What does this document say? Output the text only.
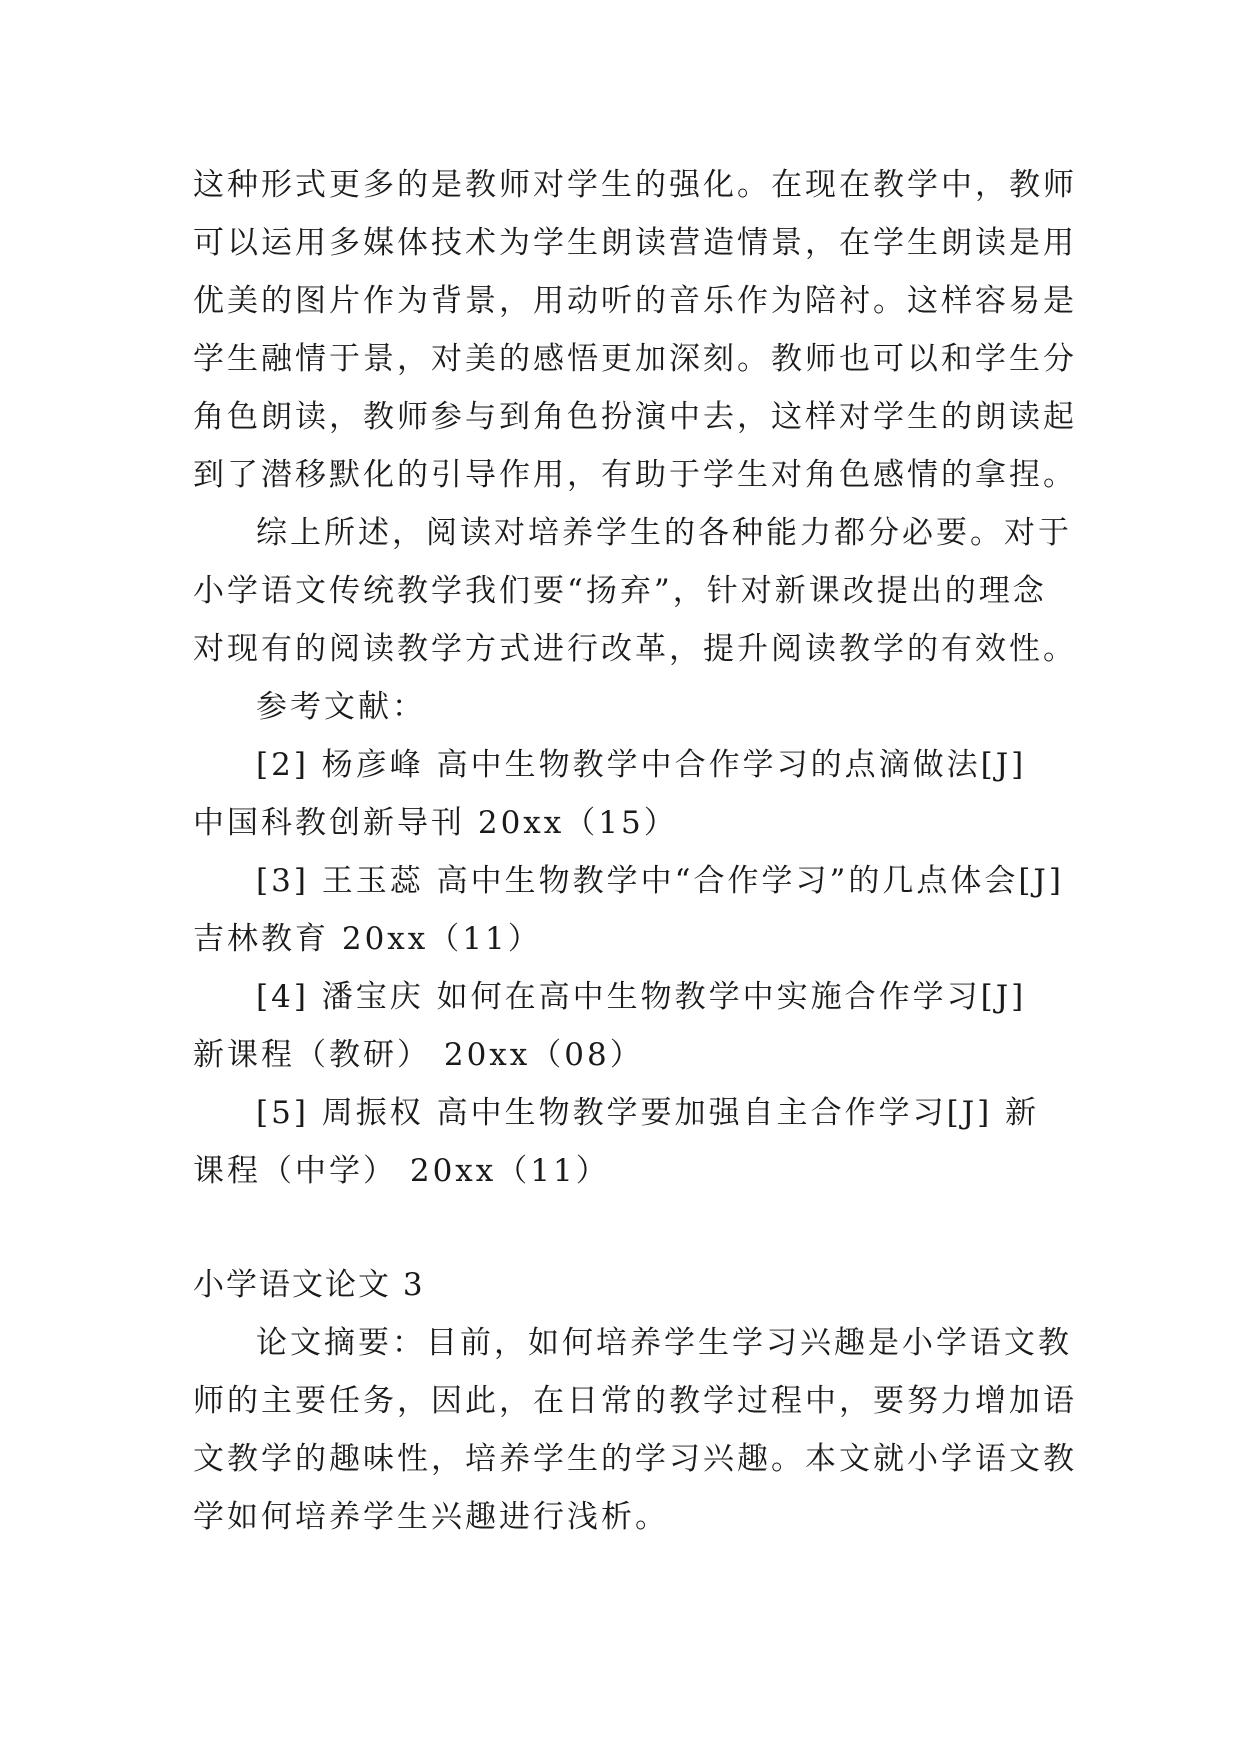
这种形式更多的是教师对学生的强化。在现在教学中，教师
可以运用多媒体技术为学生朗读营造情景，在学生朗读是用
优美的图片作为背景，用动听的音乐作为陪衬。这样容易是
学生融情于景，对美的感悟更加深刻。教师也可以和学生分
角色朗读，教师参与到角色扮演中去，这样对学生的朗读起
到了潜移默化的引导作用，有助于学生对角色感情的拿捏。
综上所述，阅读对培养学生的各种能力都分必要。对于
小学语文传统教学我们要“扬弃”，针对新课改提出的理念
对现有的阅读教学方式进行改革，提升阅读教学的有效性。
参考文献：
[2] 杨彦峰 高中生物教学中合作学习的点滴做法[J]
中国科教创新导刊 20xx（15）
[3] 王玉蕊 高中生物教学中“合作学习”的几点体会[J]
吉林教育 20xx（11）
[4] 潘宝庆 如何在高中生物教学中实施合作学习[J]
新课程（教研） 20xx（08）
[5] 周振权 高中生物教学要加强自主合作学习[J] 新
课程（中学） 20xx（11）
小学语文论文 3
论文摘要：目前，如何培养学生学习兴趣是小学语文教
师的主要任务，因此，在日常的教学过程中，要努力增加语
文教学的趣味性，培养学生的学习兴趣。本文就小学语文教
学如何培养学生兴趣进行浅析。
